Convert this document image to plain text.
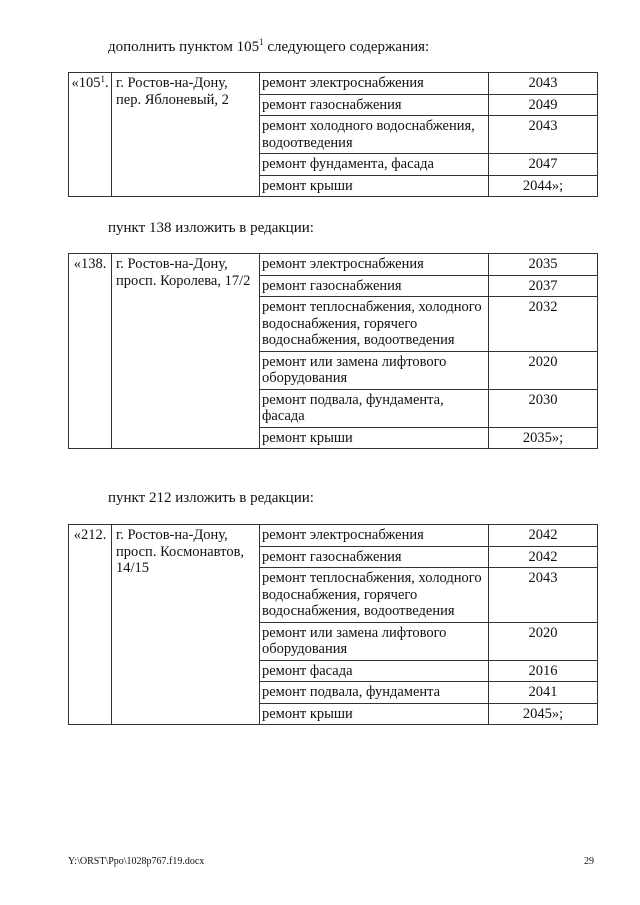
дополнить пунктом $105^1$ следующего содержания:
«$105^1$.	г. Ростов-на-Дону, пер. Яблоневый, 2	ремонт электроснабжения	2043
		ремонт газоснабжения	2049
		ремонт холодного водоснабжения, водоотведения	2043
		ремонт фундамента, фасада	2047
		ремонт крыши	2044»;
пункт 138 изложить в редакции:
«138.	г. Ростов-на-Дону, просп. Королева, 17/2	ремонт электроснабжения	2035
		ремонт газоснабжения	2037
		ремонт теплоснабжения, холодного водоснабжения, горячего водоснабжения, водоотведения	2032
		ремонт или замена лифтового оборудования	2020
		ремонт подвала, фундамента, фасада	2030
		ремонт крыши	2035»;
пункт 212 изложить в редакции:
«212.	г. Ростов-на-Дону, просп. Космонавтов, 14/15	ремонт электроснабжения	2042
		ремонт газоснабжения	2042
		ремонт теплоснабжения, холодного водоснабжения, горячего водоснабжения, водоотведения	2043
		ремонт или замена лифтового оборудования	2020
		ремонт фасада	2016
		ремонт подвала, фундамента	2041
		ремонт крыши	2045»;
Y:\ORST\Ppo\1028p767.f19.docx	29
